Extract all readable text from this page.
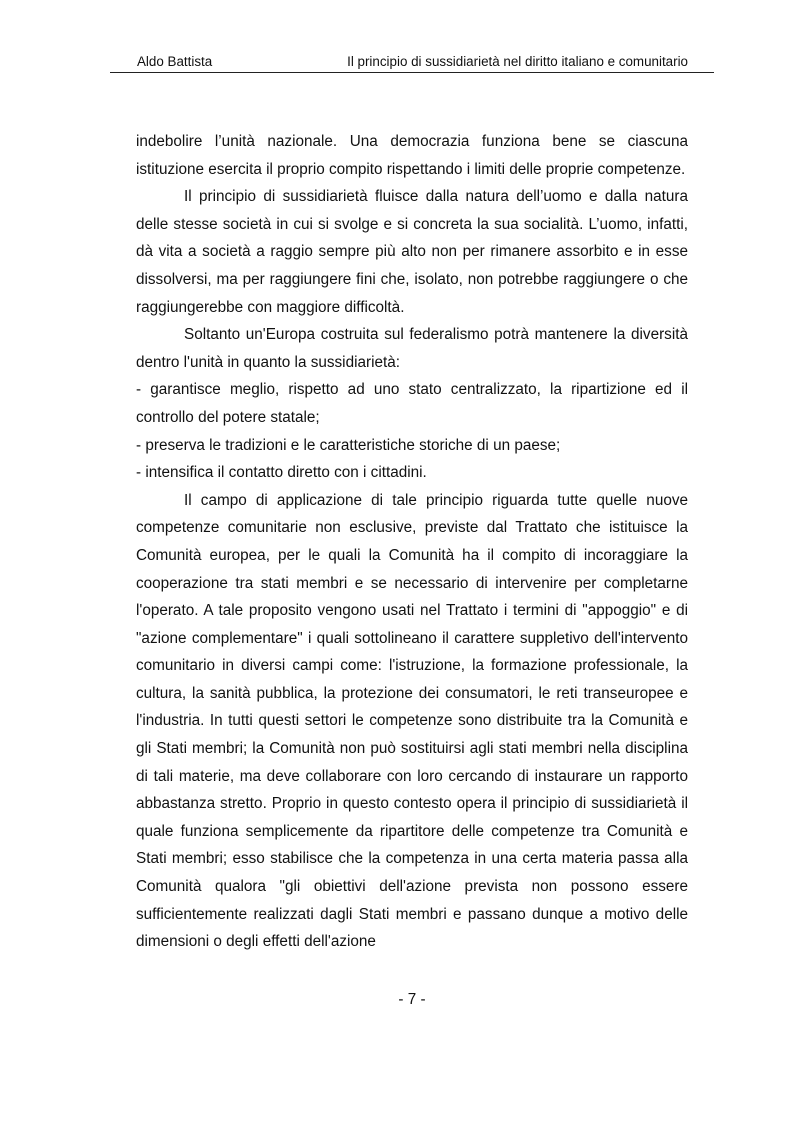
Aldo Battista	Il principio di sussidiarietà nel diritto italiano e comunitario

indebolire l’unità nazionale. Una democrazia funziona bene se ciascuna istituzione esercita il proprio compito rispettando i limiti delle proprie competenze.

Il principio di sussidiarietà fluisce dalla natura dell’uomo e dalla natura delle stesse società in cui si svolge e si concreta la sua socialità. L’uomo, infatti, dà vita a società a raggio sempre più alto non per rimanere assorbito e in esse dissolversi, ma per raggiungere fini che, isolato, non potrebbe raggiungere o che raggiungerebbe con maggiore difficoltà.

Soltanto un'Europa costruita sul federalismo potrà mantenere la diversità dentro l'unità in quanto la sussidiarietà:

- garantisce meglio, rispetto ad uno stato centralizzato, la ripartizione ed il controllo del potere statale;

- preserva le tradizioni e le caratteristiche storiche di un paese;

- intensifica il contatto diretto con i cittadini.

Il campo di applicazione di tale principio riguarda tutte quelle nuove competenze comunitarie non esclusive, previste dal Trattato che istituisce la Comunità europea, per le quali la Comunità ha il compito di incoraggiare la cooperazione tra stati membri e se necessario di intervenire per completarne l'operato. A tale proposito vengono usati nel Trattato i termini di "appoggio" e di "azione complementare" i quali sottolineano il carattere suppletivo dell'intervento comunitario in diversi campi come: l'istruzione, la formazione professionale, la cultura, la sanità pubblica, la protezione dei consumatori, le reti transeuropee e l'industria. In tutti questi settori le competenze sono distribuite tra la Comunità e gli Stati membri; la Comunità non può sostituirsi agli stati membri nella disciplina di tali materie, ma deve collaborare con loro cercando di instaurare un rapporto abbastanza stretto. Proprio in questo contesto opera il principio di sussidiarietà il quale funziona semplicemente da ripartitore delle competenze tra Comunità e Stati membri; esso stabilisce che la competenza in una certa materia passa alla Comunità qualora "gli obiettivi dell'azione prevista non possono essere sufficientemente realizzati dagli Stati membri e passano dunque a motivo delle dimensioni o degli effetti dell'azione

- 7 -
